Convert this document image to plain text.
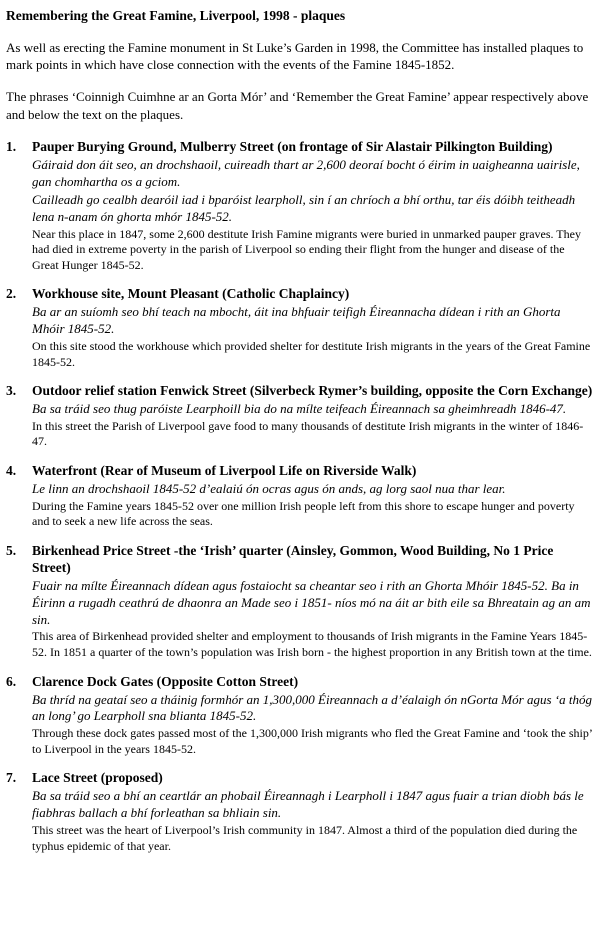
Remembering the Great Famine, Liverpool, 1998 - plaques

As well as erecting the Famine monument in St Luke’s Garden in 1998, the Committee has installed plaques to mark points in which have close connection with the events of the Famine 1845-1852.

The phrases ‘Coinnigh Cuimhne ar an Gorta Mór’ and ‘Remember the Great Famine’ appear respectively above and below the text on the plaques.

Pauper Burying Ground, Mulberry Street (on frontage of Sir Alastair Pilkington Building)

Gáiraid don áit seo, an drochshaoil, cuireadh thart ar 2,600 deoraí bocht ó éirim in uaigheanna uairisle, gan chomhartha os a gciom.

Cailleadh go cealbh dearóil iad i bparóist learpholl, sin í an chríoch a bhí orthu, tar éis dóibh teitheadh lena n-anam ón ghorta mhór 1845-52.

Near this place in 1847, some 2,600 destitute Irish Famine migrants were buried in unmarked pauper graves. They had died in extreme poverty in the parish of Liverpool so ending their flight from the hunger and disease of the Great Hunger 1845-52.

Workhouse site, Mount Pleasant (Catholic Chaplaincy)

Ba ar an suíomh seo bhí teach na mbocht, áit ina bhfuair teifigh Éireannacha dídean i rith an Ghorta Mhóir 1845-52.

On this site stood the workhouse which provided shelter for destitute Irish migrants in the years of the Great Famine 1845-52.

Outdoor relief station Fenwick Street (Silverbeck Rymer’s building, opposite the Corn Exchange)

Ba sa tráid seo thug paróiste Learphoill bia do na mílte teifeach Éireannach sa gheimhreadh 1846-47.

In this street the Parish of Liverpool gave food to many thousands of destitute Irish migrants in the winter of 1846-47.

Waterfront (Rear of Museum of Liverpool Life on Riverside Walk)

Le linn an drochshaoil 1845-52 d’ealaiú ón ocras agus ón ands, ag lorg saol nua thar lear.

During the Famine years 1845-52 over one million Irish people left from this shore to escape hunger and poverty and to seek a new life across the seas.

Birkenhead Price Street -the ‘Irish’ quarter (Ainsley, Gommon, Wood Building, No 1 Price Street)

Fuair na mílte Éireannach dídean agus fostaiocht sa cheantar seo i rith an Ghorta Mhóir 1845-52. Ba in Éirinn a rugadh ceathrú de dhaonra an Made seo i 1851- níos mó na áit ar bith eile sa Bhreatain ag an am sin.

This area of Birkenhead provided shelter and employment to thousands of Irish migrants in the Famine Years 1845-52. In 1851 a quarter of the town’s population was Irish born - the highest proportion in any British town at the time.

Clarence Dock Gates (Opposite Cotton Street)

Ba thríd na geataí seo a tháinig formhór an 1,300,000 Éireannach a d’éalaigh ón nGorta Mór agus ‘a thóg an long’ go Learpholl sna blianta 1845-52.

Through these dock gates passed most of the 1,300,000 Irish migrants who fled the Great Famine and ‘took the ship’ to Liverpool in the years 1845-52.

Lace Street (proposed)

Ba sa tráid seo a bhí an ceartlár an phobail Éireannagh i Learpholl i 1847 agus fuair a trian diobh bás le fiabhras ballach a bhí forleathan sa bhliain sin.

This street was the heart of Liverpool’s Irish community in 1847. Almost a third of the population died during the typhus epidemic of that year.
